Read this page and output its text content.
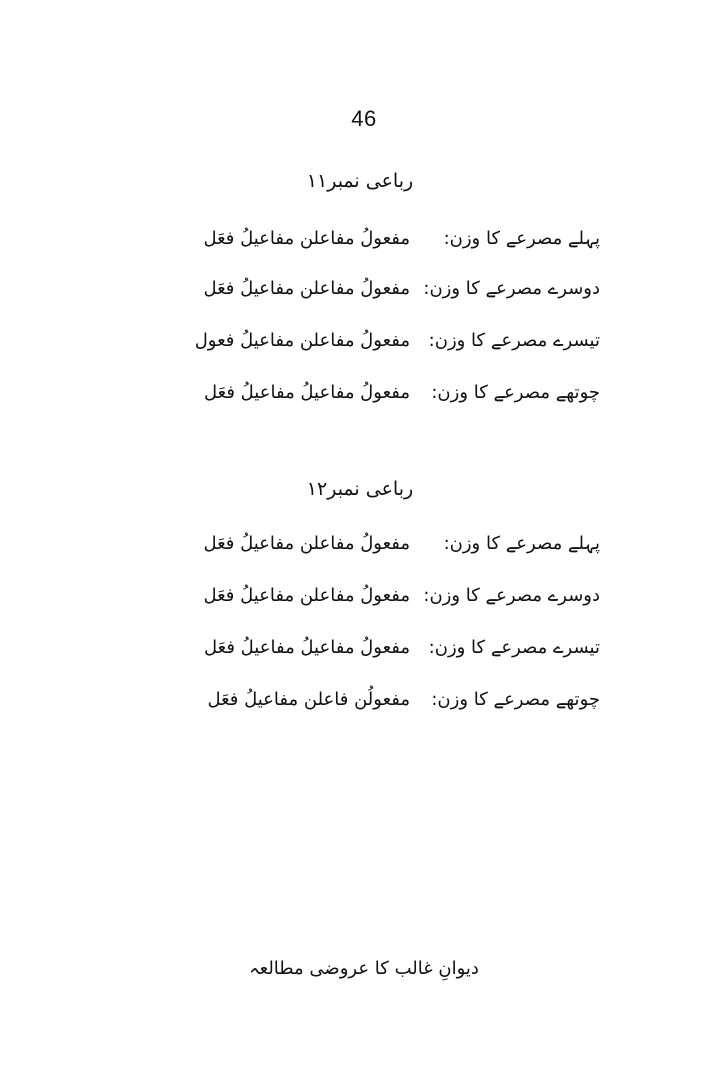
46
رباعی نمبر۱۱
پہلے مصرعے کا وزن:
مفعولُ مفاعلن مفاعیلُ فعَل
دوسرے مصرعے کا وزن:
مفعولُ مفاعلن مفاعیلُ فعَل
تیسرے مصرعے کا وزن:
مفعولُ مفاعلن مفاعیلُ فعول
چوتھے مصرعے کا وزن:
مفعولُ مفاعیلُ مفاعیلُ فعَل
رباعی نمبر۱۲
پہلے مصرعے کا وزن:
مفعولُ مفاعلن مفاعیلُ فعَل
دوسرے مصرعے کا وزن:
مفعولُ مفاعلن مفاعیلُ فعَل
تیسرے مصرعے کا وزن:
مفعولُ مفاعیلُ مفاعیلُ فعَل
چوتھے مصرعے کا وزن:
مفعولُن فاعلن مفاعیلُ فعَل
دیوانِ غالب کا عروضی مطالعہ
